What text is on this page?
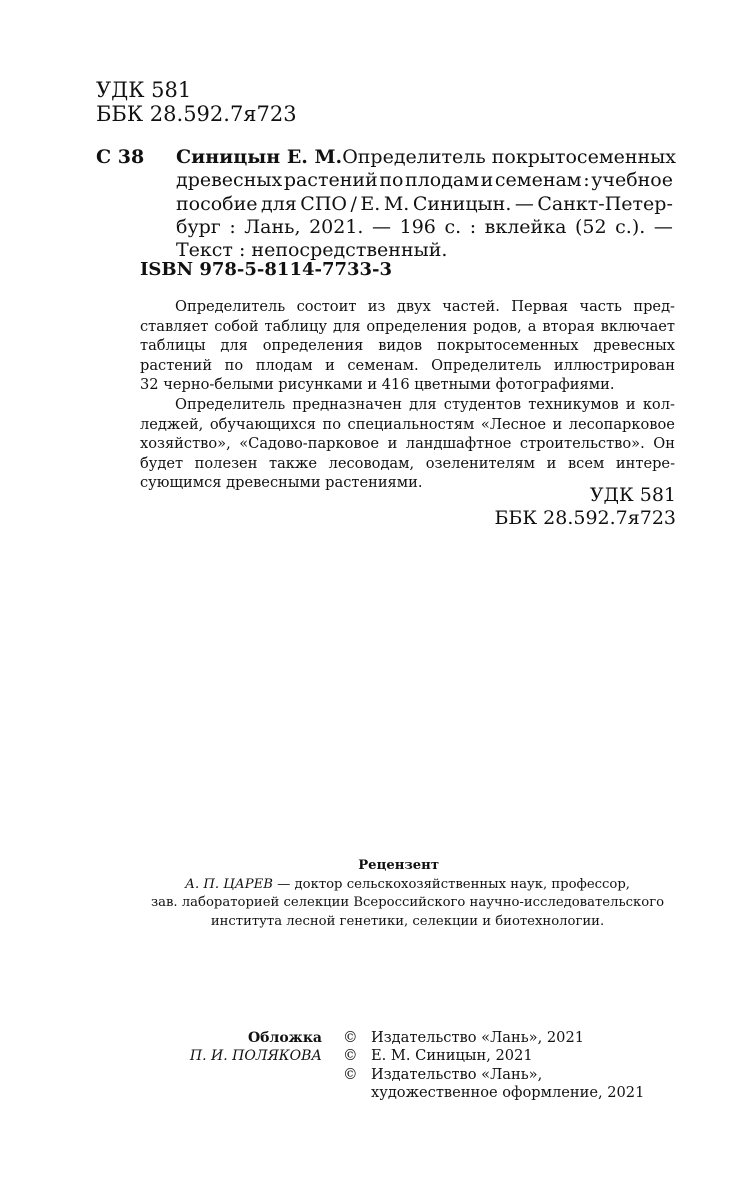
УДК 581
ББК 28.592.7я723
С 38 Синицын Е. М. Определитель покрытосеменных
древесных растений по плодам и семенам : учебное
пособие для СПО / Е. М. Синицын. — Санкт-Петер-
бург : Лань, 2021. — 196 с. : вклейка (52 с.). —
Текст : непосредственный.
ISBN 978-5-8114-7733-3
Определитель состоит из двух частей. Первая часть пред-
ставляет собой таблицу для определения родов, а вторая включает
таблицы для определения видов покрытосеменных древесных
растений по плодам и семенам. Определитель иллюстрирован
32 черно-белыми рисунками и 416 цветными фотографиями.
Определитель предназначен для студентов техникумов и кол-
леджей, обучающихся по специальностям «Лесное и лесопарковое
хозяйство», «Садово-парковое и ландшафтное строительство». Он
будет полезен также лесоводам, озеленителям и всем интере-
сующимся древесными растениями.
УДК 581
ББК 28.592.7я723
Рецензент
А. П. ЦАРЕВ — доктор сельскохозяйственных наук, профессор,
зав. лабораторией селекции Всероссийского научно-исследовательского
института лесной генетики, селекции и биотехнологии.
Обложка
П. И. ПОЛЯКОВА
© Издательство «Лань», 2021
© Е. М. Синицын, 2021
© Издательство «Лань»,
художественное оформление, 2021
